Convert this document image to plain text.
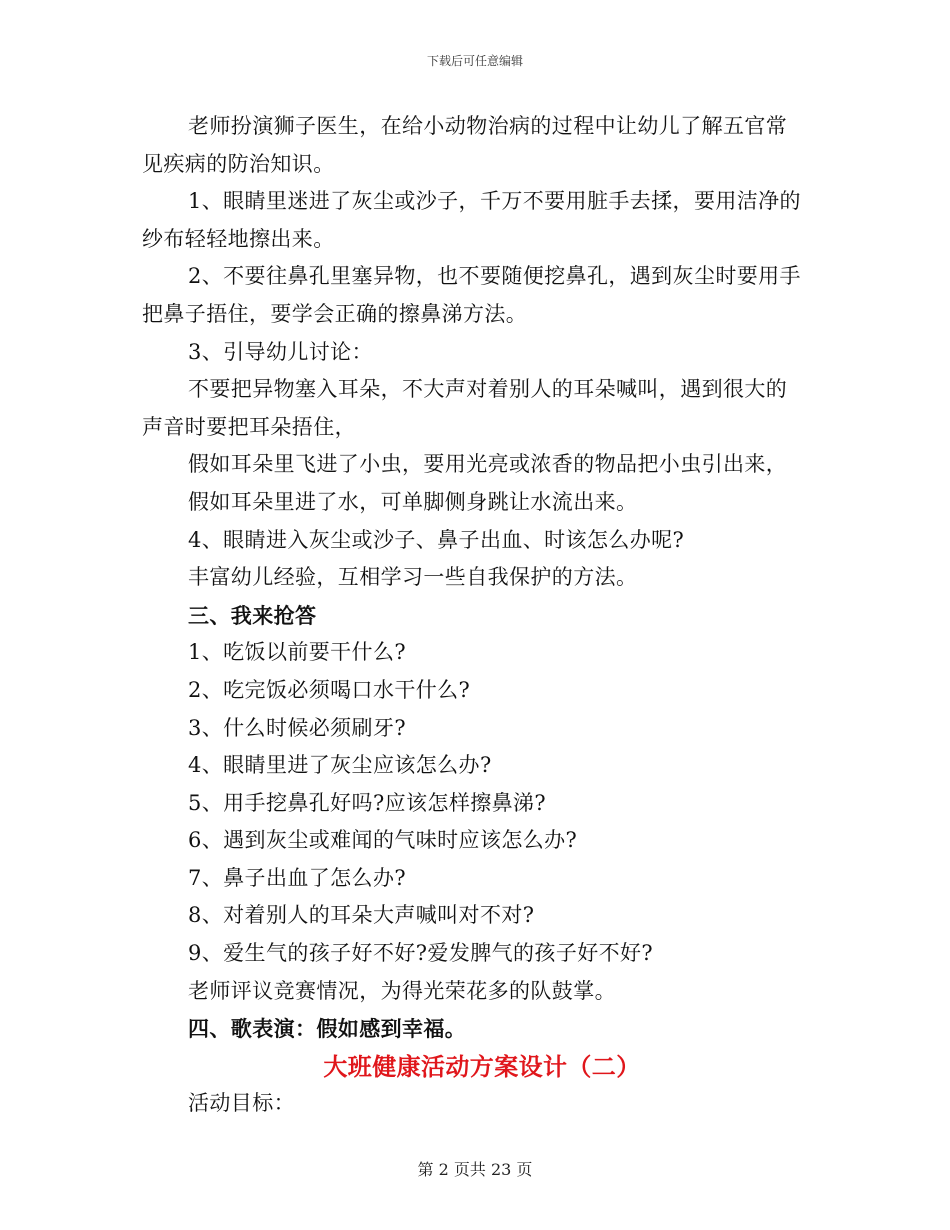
下载后可任意编辑
老师扮演狮子医生，在给小动物治病的过程中让幼儿了解五官常
见疾病的防治知识。
1、眼睛里迷进了灰尘或沙子，千万不要用脏手去揉，要用洁净的
纱布轻轻地擦出来。
2、不要往鼻孔里塞异物，也不要随便挖鼻孔，遇到灰尘时要用手
把鼻子捂住，要学会正确的擦鼻涕方法。
3、引导幼儿讨论：
不要把异物塞入耳朵，不大声对着别人的耳朵喊叫，遇到很大的
声音时要把耳朵捂住，
假如耳朵里飞进了小虫，要用光亮或浓香的物品把小虫引出来，
假如耳朵里进了水，可单脚侧身跳让水流出来。
4、眼睛进入灰尘或沙子、鼻子出血、时该怎么办呢?
丰富幼儿经验，互相学习一些自我保护的方法。
三、我来抢答
1、吃饭以前要干什么?
2、吃完饭必须喝口水干什么?
3、什么时候必须刷牙?
4、眼睛里进了灰尘应该怎么办?
5、用手挖鼻孔好吗?应该怎样擦鼻涕?
6、遇到灰尘或难闻的气味时应该怎么办?
7、鼻子出血了怎么办?
8、对着别人的耳朵大声喊叫对不对?
9、爱生气的孩子好不好?爱发脾气的孩子好不好?
老师评议竞赛情况，为得光荣花多的队鼓掌。
四、歌表演：假如感到幸福。
大班健康活动方案设计（二）
活动目标：
第 2 页共 23 页
